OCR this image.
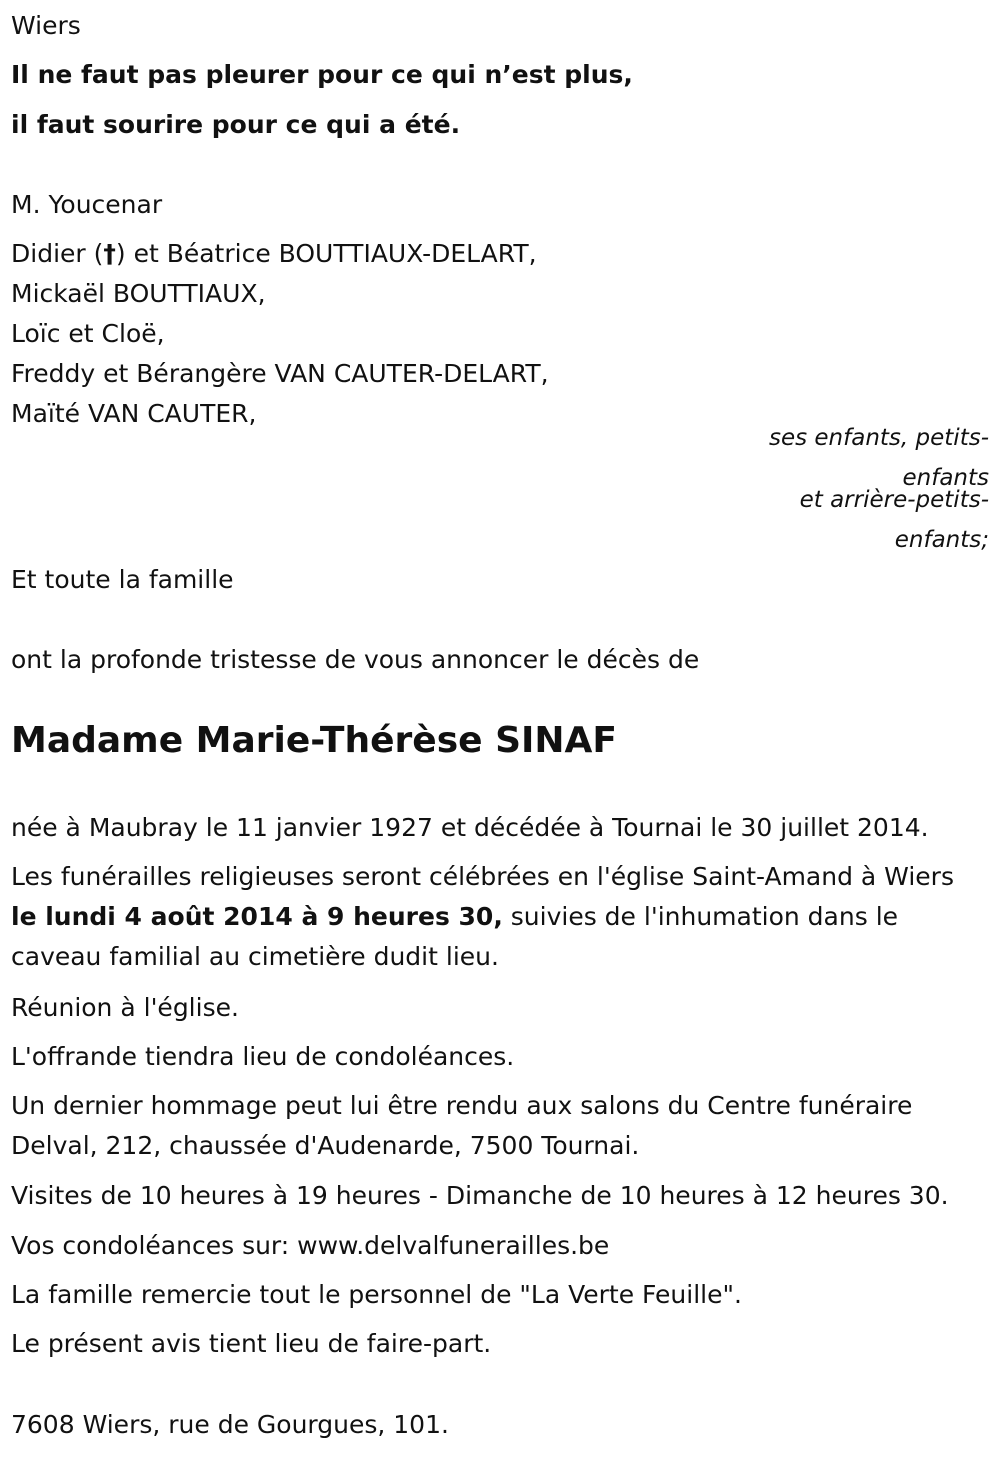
Wiers
Il ne faut pas pleurer pour ce qui n’est plus,
il faut sourire pour ce qui a été.
M. Youcenar
Didier (†) et Béatrice BOUTTIAUX-DELART,
Mickaël BOUTTIAUX,
Loïc et Cloë,
Freddy et Bérangère VAN CAUTER-DELART,
Maïté VAN CAUTER,
ses enfants, petits-enfants
et arrière-petits-enfants;
Et toute la famille
ont la profonde tristesse de vous annoncer le décès de
Madame Marie-Thérèse SINAF
née à Maubray le 11 janvier 1927 et décédée à Tournai le 30 juillet 2014.
Les funérailles religieuses seront célébrées en l'église Saint-Amand à Wiers le lundi 4 août 2014 à 9 heures 30, suivies de l'inhumation dans le caveau familial au cimetière dudit lieu.
Réunion à l'église.
L'offrande tiendra lieu de condoléances.
Un dernier hommage peut lui être rendu aux salons du Centre funéraire Delval, 212, chaussée d'Audenarde, 7500 Tournai.
Visites de 10 heures à 19 heures - Dimanche de 10 heures à 12 heures 30.
Vos condoléances sur: www.delvalfunerailles.be
La famille remercie tout le personnel de "La Verte Feuille".
Le présent avis tient lieu de faire-part.
7608 Wiers, rue de Gourgues, 101.
